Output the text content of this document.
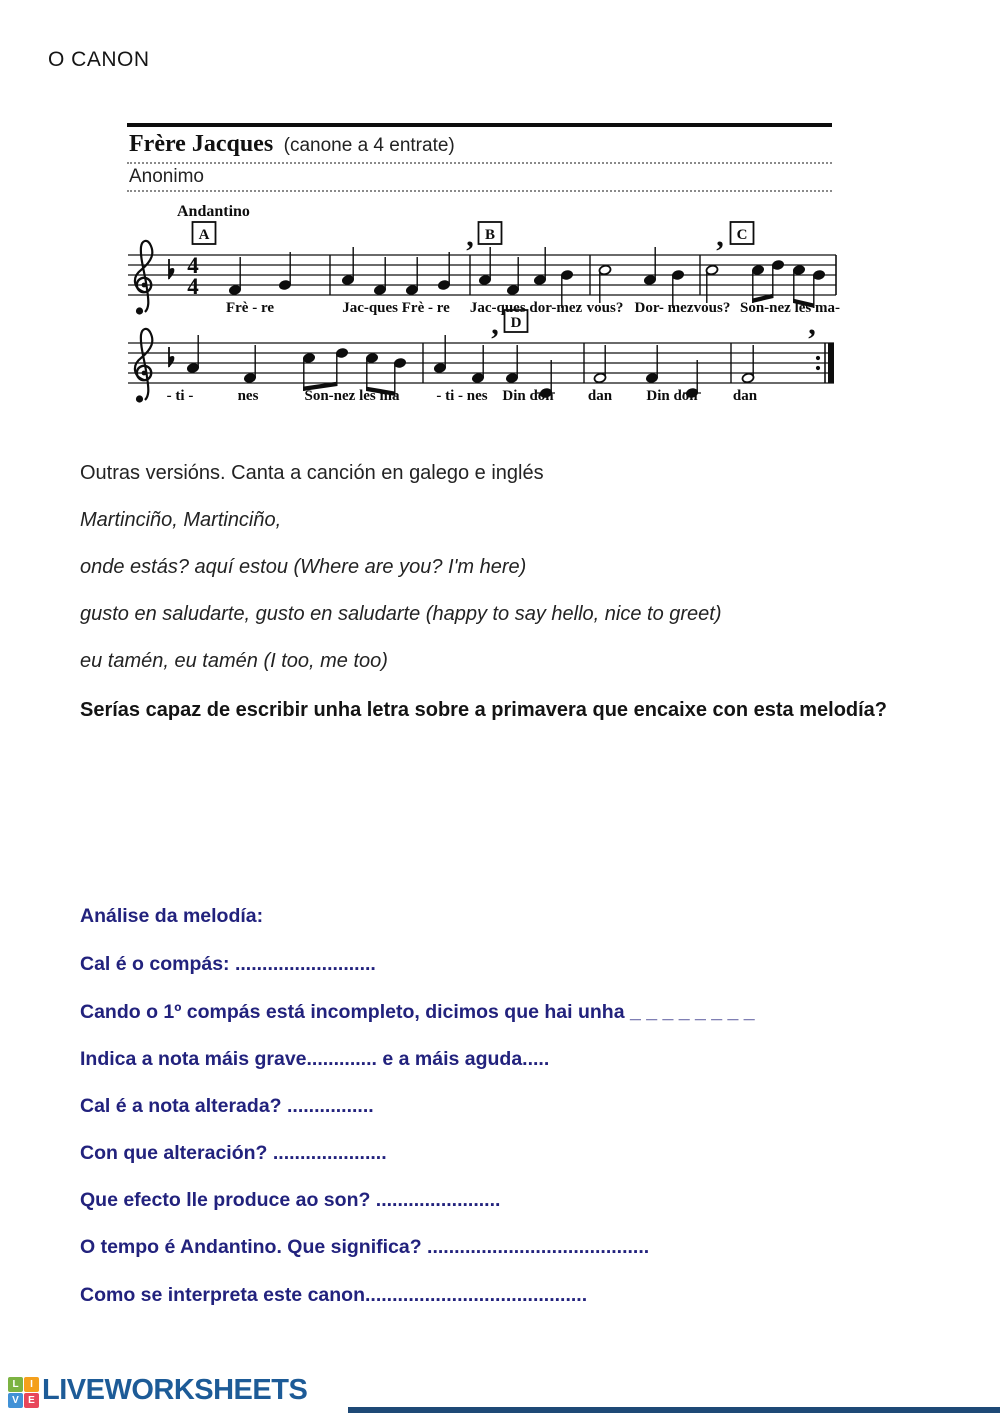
O CANON
Frère Jacques (canone a 4 entrate)
Anonimo
Andantino
4
4
A	B	C
,	,
Frè - re	Jac-ques Frè - re Jac-ques dor-mez vous? Dor- mez vous? Son-nez les ma-
D
,	,
- ti -	nes	Son-nez les ma - ti - nes Din don dan Din don dan
Outras versións. Canta a canción en galego e inglés
Martinciño, Martinciño,
onde estás? aquí estou (Where are you? I'm here)
gusto en saludarte, gusto en saludarte (happy to say hello, nice to greet)
eu tamén, eu tamén (I too, me too)
Serías capaz de escribir unha letra sobre a primavera que encaixe con esta melodía?
Análise da melodía:
Cal é o compás: ..........................
Cando o 1º compás está incompleto, dicimos que hai unha _ _ _ _ _ _ _ _
Indica a nota máis grave............. e a máis aguda.....
Cal é a nota alterada? ................
Con que alteración? .....................
Que efecto lle produce ao son? .......................
O tempo é Andantino. Que significa? .........................................
Como se interpreta este canon.........................................
L	I
V E LIVEWORKSHEETS
